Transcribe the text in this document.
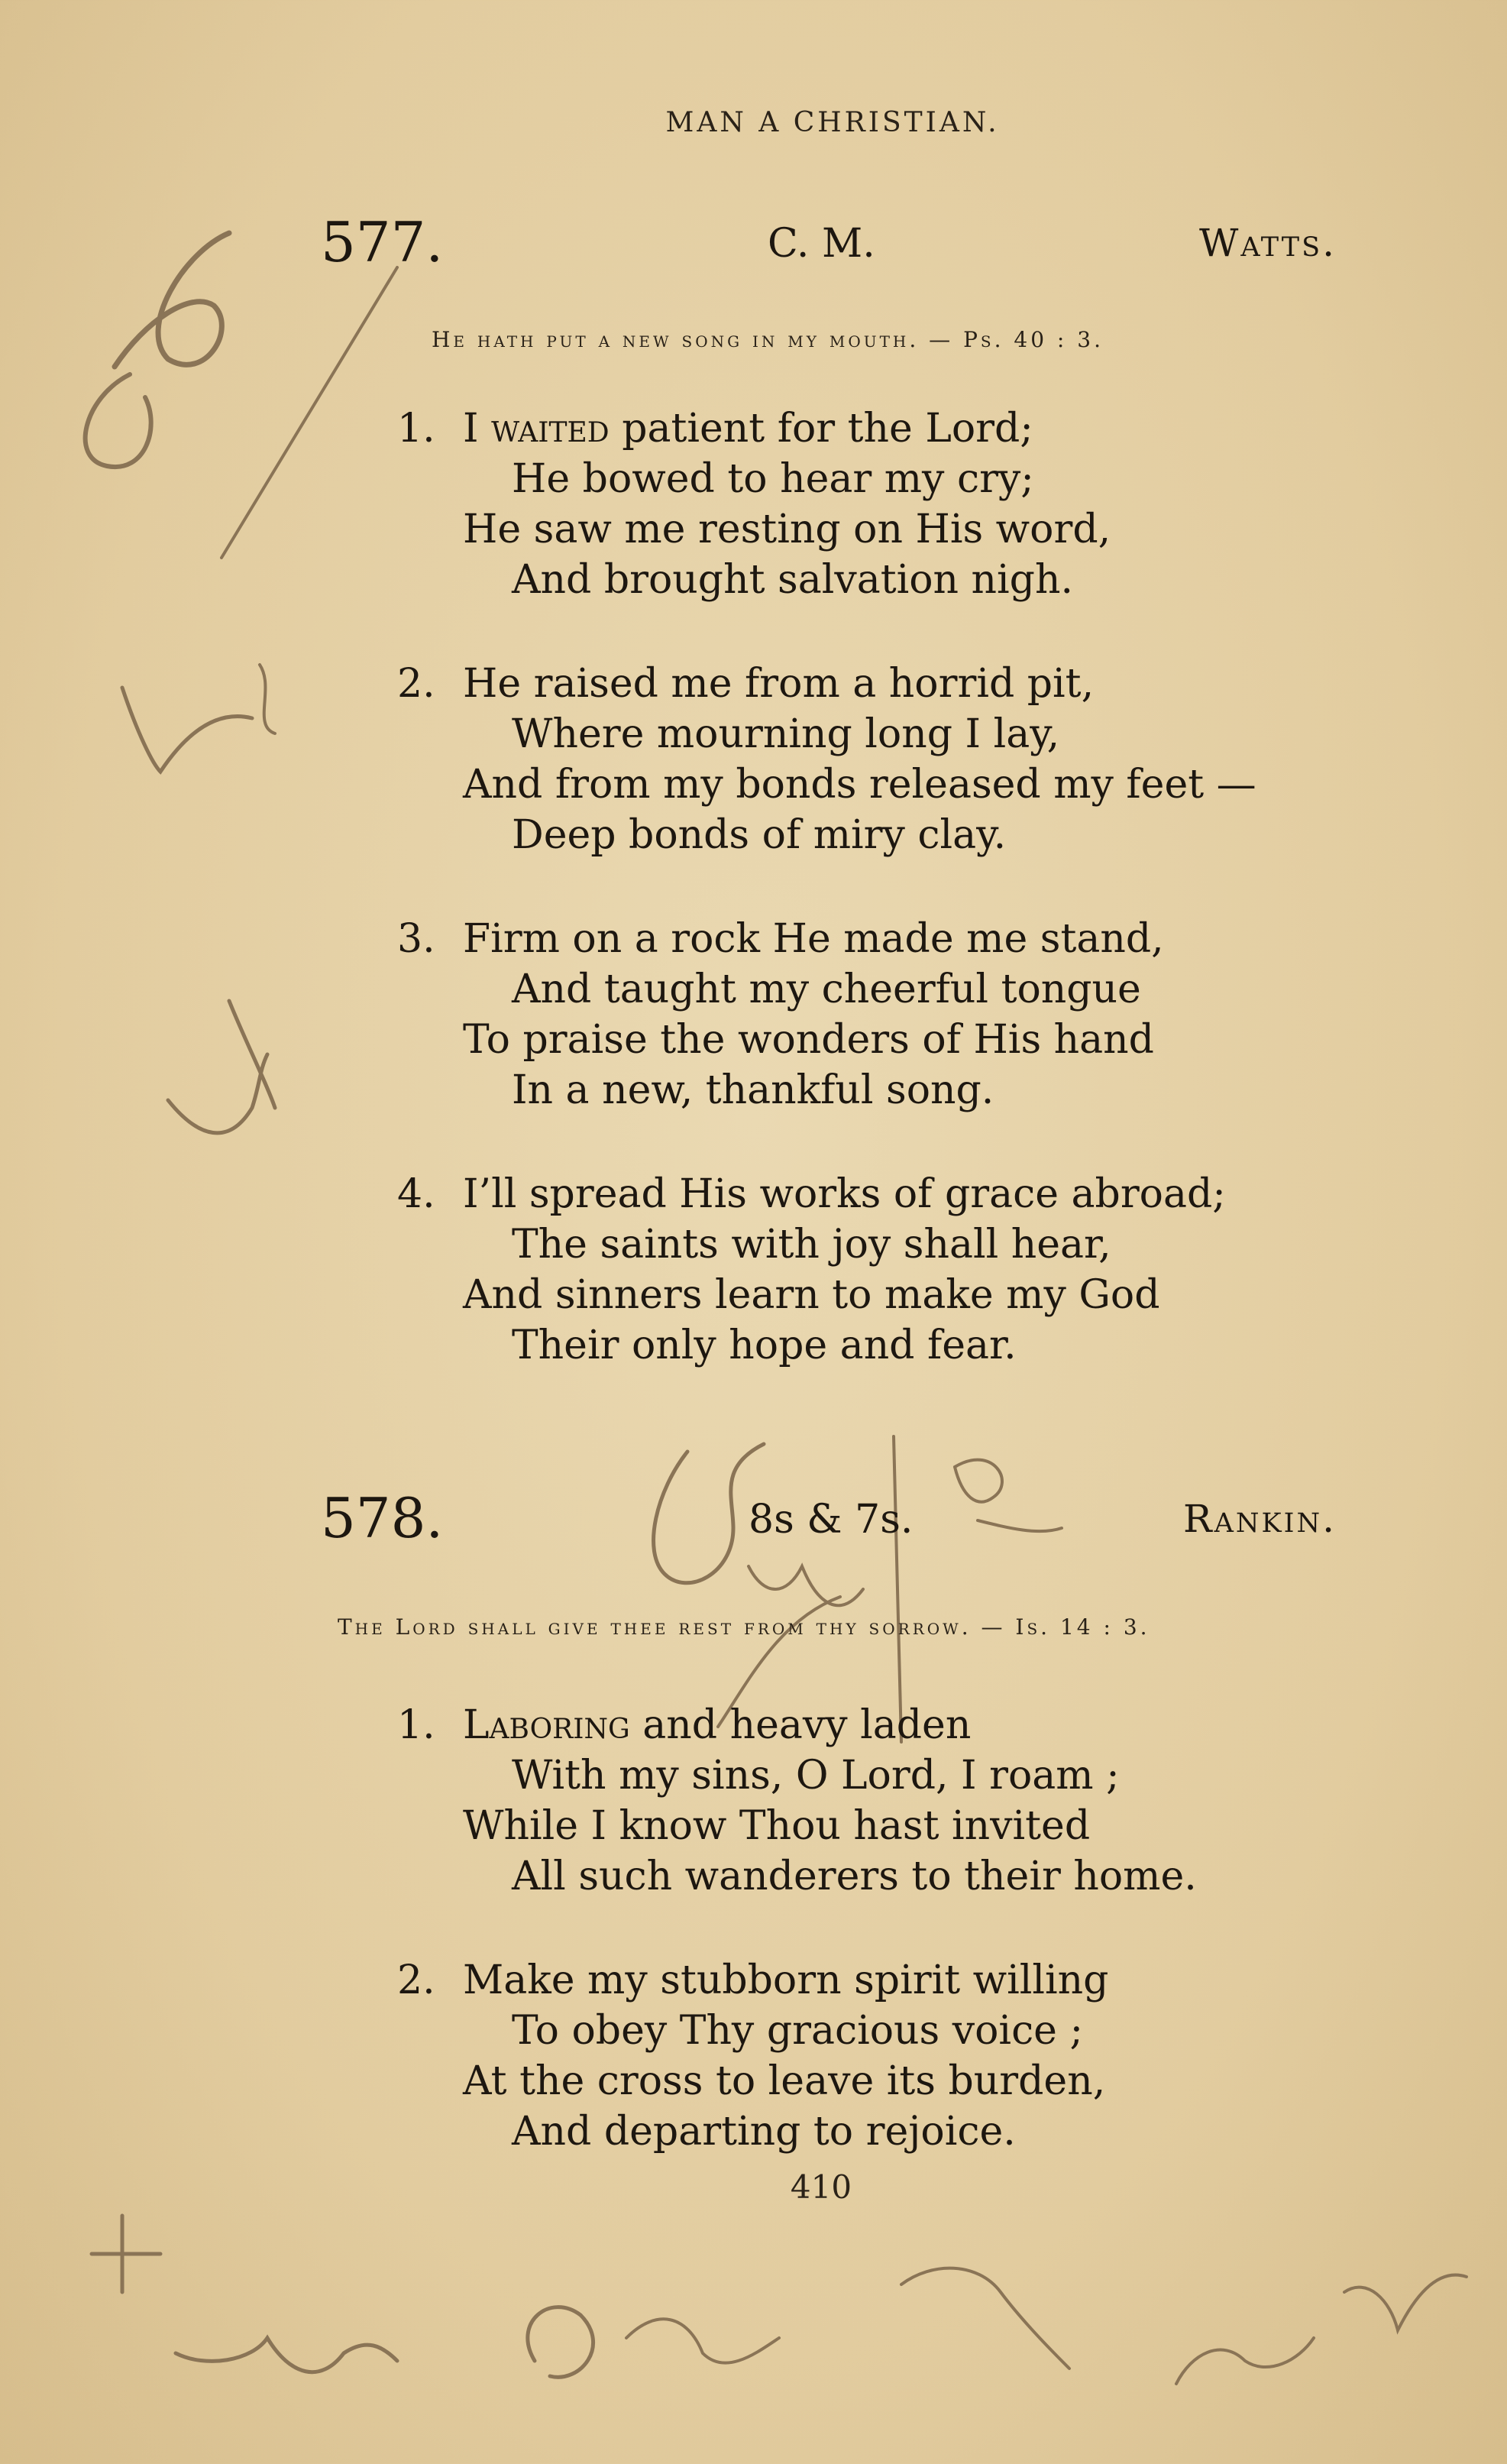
MAN A CHRISTIAN.
577.	C. M.	Watts.
He hath put a new song in my mouth. — Ps. 40 : 3.
1. I waited patient for the Lord;
He bowed to hear my cry;
He saw me resting on His word,
And brought salvation nigh.
2. He raised me from a horrid pit,
Where mourning long I lay,
And from my bonds released my feet —
Deep bonds of miry clay.
3. Firm on a rock He made me stand,
And taught my cheerful tongue
To praise the wonders of His hand
In a new, thankful song.
4. I’ll spread His works of grace abroad;
The saints with joy shall hear,
And sinners learn to make my God
Their only hope and fear.
578.	8s & 7s.	Rankin.
The Lord shall give thee rest from thy sorrow. — Is. 14 : 3.
1. Laboring and heavy laden
With my sins, O Lord, I roam ;
While I know Thou hast invited
All such wanderers to their home.
2. Make my stubborn spirit willing
To obey Thy gracious voice ;
At the cross to leave its burden,
And departing to rejoice.
410
